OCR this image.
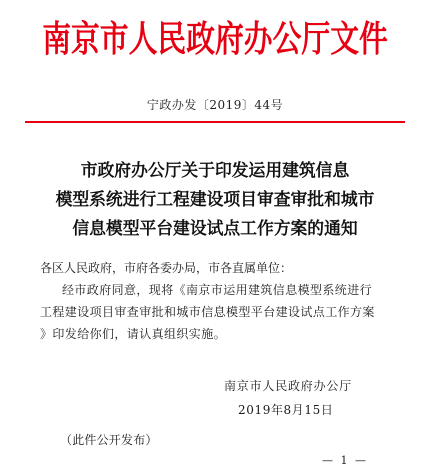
南京市人民政府办公厅文件
宁政办发〔2019〕44号
市政府办公厅关于印发运用建筑信息
模型系统进行工程建设项目审查审批和城市
信息模型平台建设试点工作方案的通知
各区人民政府，市府各委办局，市各直属单位：
经市政府同意，现将《南京市运用建筑信息模型系统进行
工程建设项目审查审批和城市信息模型平台建设试点工作方案
》印发给你们，请认真组织实施。
南京市人民政府办公厅
2019年8月15日
（此件公开发布）
— 1 —
